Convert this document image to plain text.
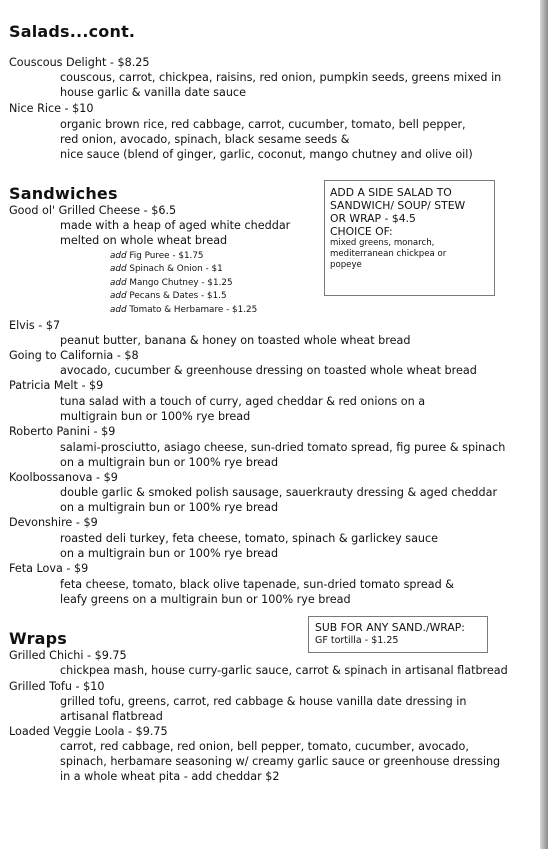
Salads...cont.
Couscous Delight - $8.25
couscous, carrot, chickpea, raisins, red onion, pumpkin seeds, greens mixed in
house garlic & vanilla date sauce
Nice Rice - $10
organic brown rice, red cabbage, carrot, cucumber, tomato, bell pepper,
red onion, avocado, spinach, black sesame seeds &
nice sauce (blend of ginger, garlic, coconut, mango chutney and olive oil)
Sandwiches	ADD A SIDE SALAD TO
SANDWICH/ SOUP/ STEW
OR WRAP - $4.5
CHOICE OF:
mixed greens, monarch,
mediterranean chickpea or
popeye
Good ol' Grilled Cheese - $6.5
made with a heap of aged white cheddar
melted on whole wheat bread
add Fig Puree - $1.75
add Spinach & Onion - $1
add Mango Chutney - $1.25
add Pecans & Dates - $1.5
add Tomato & Herbamare - $1.25
Elvis - $7
peanut butter, banana & honey on toasted whole wheat bread
Going to California - $8
avocado, cucumber & greenhouse dressing on toasted whole wheat bread
Patricia Melt - $9
tuna salad with a touch of curry, aged cheddar & red onions on a
multigrain bun or 100% rye bread
Roberto Panini - $9
salami-prosciutto, asiago cheese, sun-dried tomato spread, fig puree & spinach
on a multigrain bun or 100% rye bread
Koolbossanova - $9
double garlic & smoked polish sausage, sauerkrauty dressing & aged cheddar
on a multigrain bun or 100% rye bread
Devonshire - $9
roasted deli turkey, feta cheese, tomato, spinach & garlickey sauce
on a multigrain bun or 100% rye bread
Feta Lova - $9
feta cheese, tomato, black olive tapenade, sun-dried tomato spread &
leafy greens on a multigrain bun or 100% rye bread
Wraps
SUB FOR ANY SAND./WRAP:
GF tortilla - $1.25
Grilled Chichi - $9.75
chickpea mash, house curry-garlic sauce, carrot & spinach in artisanal flatbread
Grilled Tofu - $10
grilled tofu, greens, carrot, red cabbage & house vanilla date dressing in
artisanal flatbread
Loaded Veggie Loola - $9.75
carrot, red cabbage, red onion, bell pepper, tomato, cucumber, avocado,
spinach, herbamare seasoning w/ creamy garlic sauce or greenhouse dressing
in a whole wheat pita - add cheddar $2
